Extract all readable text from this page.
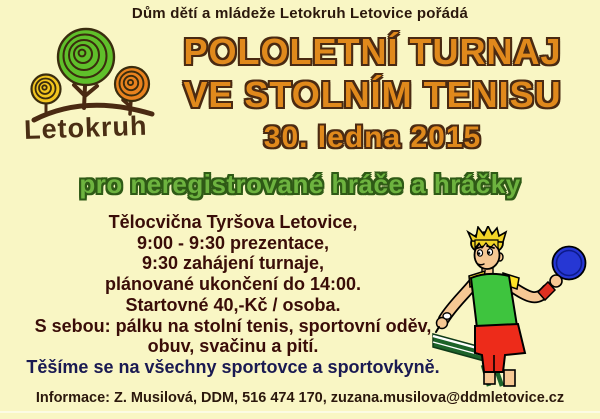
Dům dětí a mládeže Letokruh Letovice pořádá
Letokruh
POLOLETNÍ TURNAJ
VE STOLNÍM TENISU
30. ledna 2015
pro neregistrované hráče a hráčky
Tělocvična Tyršova Letovice,
9:00 - 9:30 prezentace,
9:30 zahájení turnaje,
plánované ukončení do 14:00.
Startovné 40,-Kč / osoba.
S sebou: pálku na stolní tenis, sportovní oděv,
obuv, svačinu a pití.
Těšíme se na všechny sportovce a sportovkyně.
Informace: Z. Musilová, DDM, 516 474 170, zuzana.musilova@ddmletovice.cz
